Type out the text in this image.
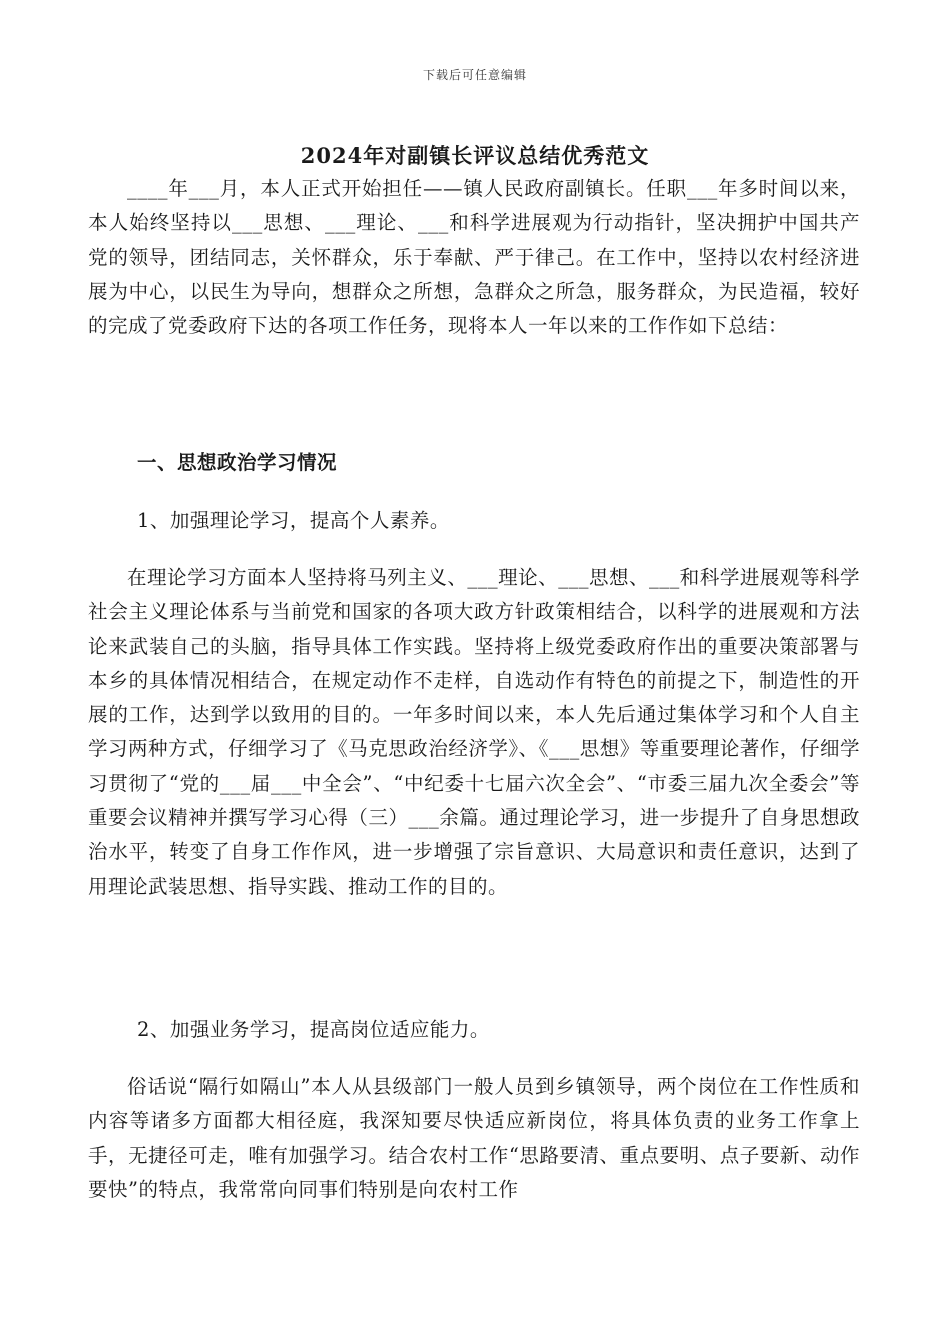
下载后可任意编辑
2024年对副镇长评议总结优秀范文
____年___月，本人正式开始担任——镇人民政府副镇长。任职___年多时间以来，本人始终坚持以___思想、___理论、___和科学进展观为行动指针，坚决拥护中国共产党的领导，团结同志，关怀群众，乐于奉献、严于律己。在工作中，坚持以农村经济进展为中心，以民生为导向，想群众之所想，急群众之所急，服务群众，为民造福，较好的完成了党委政府下达的各项工作任务，现将本人一年以来的工作作如下总结：
一、思想政治学习情况
1、加强理论学习，提高个人素养。
在理论学习方面本人坚持将马列主义、___理论、___思想、___和科学进展观等科学社会主义理论体系与当前党和国家的各项大政方针政策相结合，以科学的进展观和方法论来武装自己的头脑，指导具体工作实践。坚持将上级党委政府作出的重要决策部署与本乡的具体情况相结合，在规定动作不走样，自选动作有特色的前提之下，制造性的开展的工作，达到学以致用的目的。一年多时间以来，本人先后通过集体学习和个人自主学习两种方式，仔细学习了《马克思政治经济学》、《___思想》等重要理论著作，仔细学习贯彻了“党的___届___中全会”、“中纪委十七届六次全会”、“市委三届九次全委会”等重要会议精神并撰写学习心得（三）___余篇。通过理论学习，进一步提升了自身思想政治水平，转变了自身工作作风，进一步增强了宗旨意识、大局意识和责任意识，达到了用理论武装思想、指导实践、推动工作的目的。
2、加强业务学习，提高岗位适应能力。
俗话说“隔行如隔山”本人从县级部门一般人员到乡镇领导，两个岗位在工作性质和内容等诸多方面都大相径庭，我深知要尽快适应新岗位，将具体负责的业务工作拿上手，无捷径可走，唯有加强学习。结合农村工作“思路要清、重点要明、点子要新、动作要快”的特点，我常常向同事们特别是向农村工作
